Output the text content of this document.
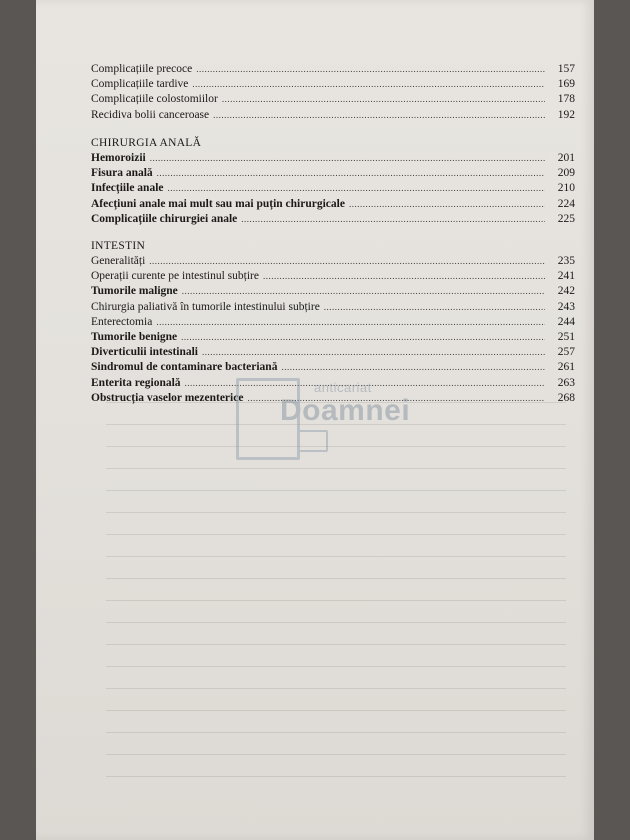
Complicațiile precoce .....	157
Complicațiile tardive .....	169
Complicațiile colostomiilor .....	178
Recidiva bolii canceroase .....	192
CHIRURGIA ANALĂ
Hemoroizii .....	201
Fisura anală .....	209
Infecțiile anale .....	210
Afecțiuni anale mai mult sau mai puțin chirurgicale .....	224
Complicațiile chirurgiei anale .....	225
INTESTIN
Generalități .....	235
Operații curente pe intestinul subțire .....	241
Tumorile maligne .....	242
Chirurgia paliativă în tumorile intestinului subțire .....	243
Enterectomia .....	244
Tumorile benigne .....	251
Diverticulii intestinali .....	257
Sindromul de contaminare bacteriană .....	261
Enterita regională .....	263
Obstrucția vaselor mezenterice .....	268
anticariat
Doamnei
